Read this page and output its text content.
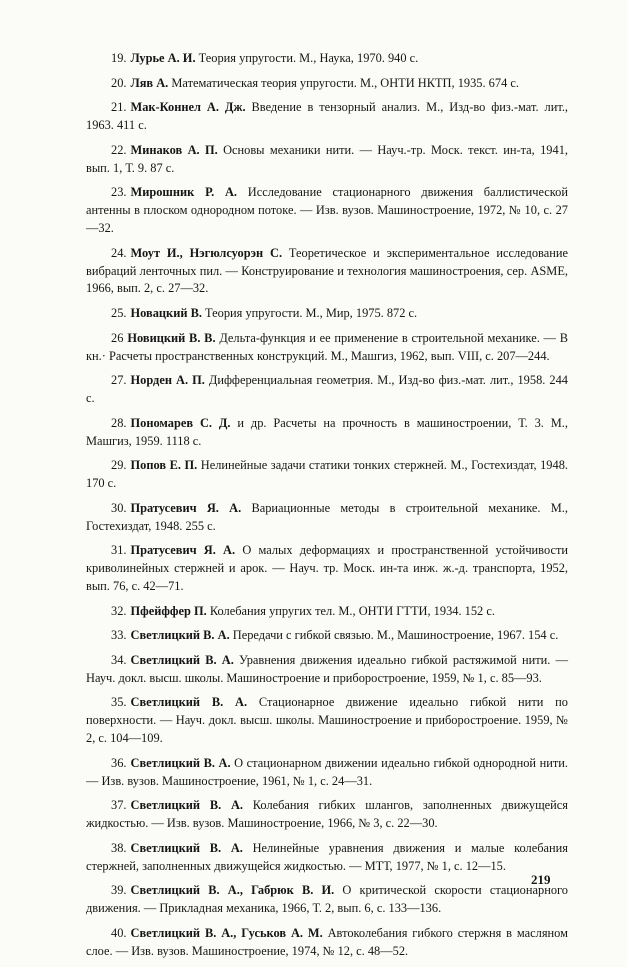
19. Лурье А. И. Теория упругости. М., Наука, 1970. 940 с.

20. Ляв А. Математическая теория упругости. М., ОНТИ НКТП, 1935. 674 с.

21. Мак-Коннел А. Дж. Введение в тензорный анализ. М., Изд-во физ.-мат. лит., 1963. 411 с.

22. Минаков А. П. Основы механики нити. — Науч.-тр. Моск. текст. ин-та, 1941, вып. 1, Т. 9. 87 с.

23. Мирошник Р. А. Исследование стационарного движения баллистической антенны в плоском однородном потоке. — Изв. вузов. Машиностроение, 1972, № 10, с. 27—32.

24. Моут И., Нэгюлсуорэн С. Теоретическое и экспериментальное исследование вибраций ленточных пил. — Конструирование и технология машиностроения, сер. ASME, 1966, вып. 2, с. 27—32.

25. Новацкий В. Теория упругости. М., Мир, 1975. 872 с.

26 Новицкий В. В. Дельта-функция и ее применение в строительной механике. — В кн.· Расчеты пространственных конструкций. М., Машгиз, 1962, вып. VIII, с. 207—244.

27. Норден А. П. Дифференциальная геометрия. М., Изд-во физ.-мат. лит., 1958. 244 с.

28. Пономарев С. Д. и др. Расчеты на прочность в машиностроении, Т. 3. М., Машгиз, 1959. 1118 с.

29. Попов Е. П. Нелинейные задачи статики тонких стержней. М., Гостехиздат, 1948. 170 с.

30. Пратусевич Я. А. Вариационные методы в строительной механике. М., Гостехиздат, 1948. 255 с.

31. Пратусевич Я. А. О малых деформациях и пространственной устойчивости криволинейных стержней и арок. — Науч. тр. Моск. ин-та инж. ж.-д. транспорта, 1952, вып. 76, с. 42—71.

32. Пфейффер П. Колебания упругих тел. М., ОНТИ ГТТИ, 1934. 152 с.

33. Светлицкий В. А. Передачи с гибкой связью. М., Машиностроение, 1967. 154 с.

34. Светлицкий В. А. Уравнения движения идеально гибкой растяжимой нити. — Науч. докл. высш. школы. Машиностроение и приборостроение, 1959, № 1, с. 85—93.

35. Светлицкий В. А. Стационарное движение идеально гибкой нити по поверхности. — Науч. докл. высш. школы. Машиностроение и приборостроение. 1959, № 2, с. 104—109.

36. Светлицкий В. А. О стационарном движении идеально гибкой однородной нити. — Изв. вузов. Машиностроение, 1961, № 1, с. 24—31.

37. Светлицкий В. А. Колебания гибких шлангов, заполненных движущейся жидкостью. — Изв. вузов. Машиностроение, 1966, № 3, с. 22—30.

38. Светлицкий В. А. Нелинейные уравнения движения и малые колебания стержней, заполненных движущейся жидкостью. — МТТ, 1977, № 1, с. 12—15.

39. Светлицкий В. А., Габрюк В. И. О критической скорости стационарного движения. — Прикладная механика, 1966, Т. 2, вып. 6, с. 133—136.

40. Светлицкий В. А., Гуськов А. М. Автоколебания гибкого стержня в масляном слое. — Изв. вузов. Машиностроение, 1974, № 12, с. 48—52.

219
